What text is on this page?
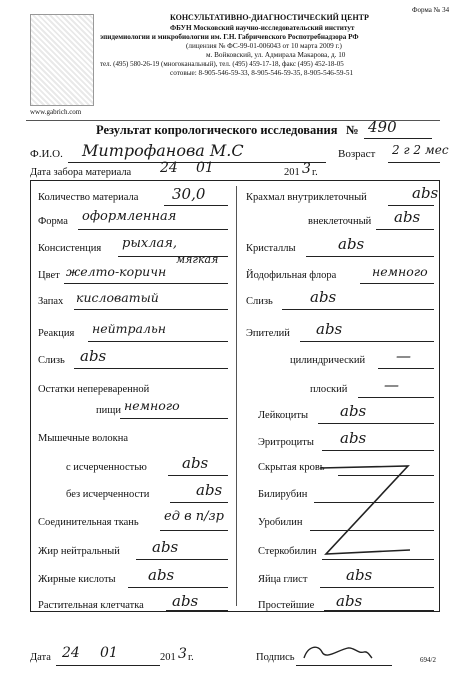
Форма № 34
www.gabrich.com
КОНСУЛЬТАТИВНО-ДИАГНОСТИЧЕСКИЙ ЦЕНТР
ФБУН Московский научно-исследовательский институт
эпидемиологии и микробиологии им. Г.Н. Габричевского Роспотребнадзора РФ
(лицензия № ФС-99-01-006043 от 10 марта 2009 г.)
м. Войковский, ул. Адмирала Макарова, д. 10
тел. (495) 580-26-19 (многоканальный), тел. (495) 459-17-18, факс (495) 452-18-05
сотовые: 8-905-546-59-33, 8-905-546-59-35, 8-905-546-59-51
Результат копрологического исследования № 490
Ф.И.О. Митрофанова М.С	Возраст 2 г 2 мес
Дата забора материала 24 01	201 3 г.
Количество материала 30,0
Форма оформленная
Консистенция рыхлая,
мягкая
Цвет желто-коричн
Запах кисловатый
Реакция нейтральн
Слизь abs
Остатки непереваренной
пищи немного
Мышечные волокна
с исчерченностью abs
без исчерченности	abs
Соединительная ткань ед в п/зр
Жир нейтральный abs
Жирные кислоты abs
Растительная клетчатка abs
Крахмал внутриклеточный	abs
внеклеточный abs
Кристаллы	abs
Йодофильная флора	немного
Слизь abs
Эпителий abs
цилиндрический —
плоский —
Лейкоциты abs
Эритроциты abs
Скрытая кровь
Билирубин
Уробилин
Стеркобилин
Яйца глист	abs
Простейшие abs
Дата 24 01	201 3 г.	Подпись	694/2
